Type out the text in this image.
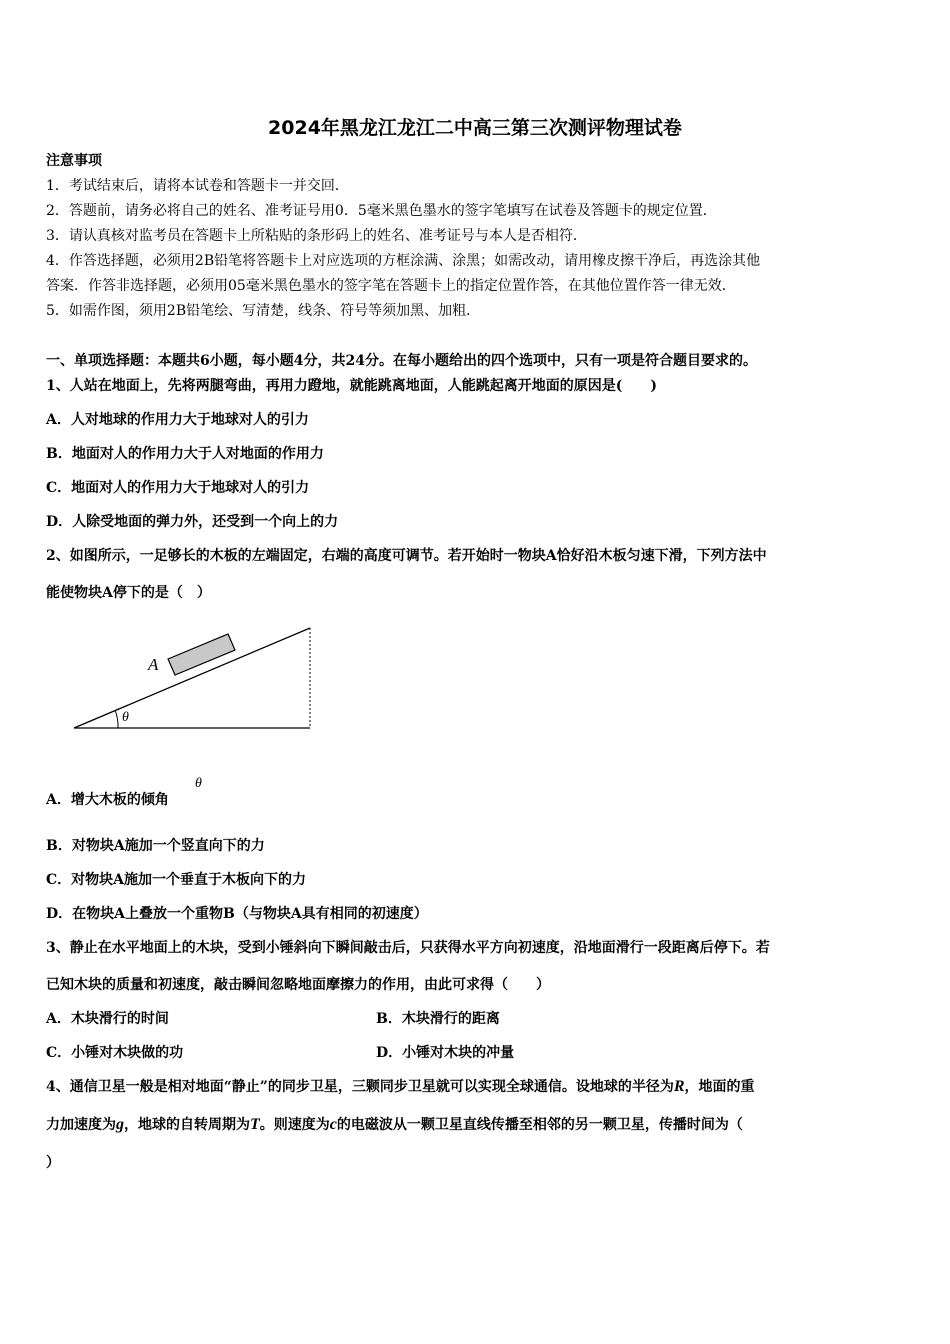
2024年黑龙江龙江二中高三第三次测评物理试卷
注意事项
1．考试结束后，请将本试卷和答题卡一并交回．
2．答题前，请务必将自己的姓名、准考证号用0．5毫米黑色墨水的签字笔填写在试卷及答题卡的规定位置．
3．请认真核对监考员在答题卡上所粘贴的条形码上的姓名、准考证号与本人是否相符．
4．作答选择题，必须用2B铅笔将答题卡上对应选项的方框涂满、涂黑；如需改动，请用橡皮擦干净后，再选涂其他
答案．作答非选择题，必须用05毫米黑色墨水的签字笔在答题卡上的指定位置作答，在其他位置作答一律无效．
5．如需作图，须用2B铅笔绘、写清楚，线条、符号等须加黑、加粗．
一、单项选择题：本题共6小题，每小题4分，共24分。在每小题给出的四个选项中，只有一项是符合题目要求的。
1、人站在地面上，先将两腿弯曲，再用力蹬地，就能跳离地面，人能跳起离开地面的原因是(　　)
A．人对地球的作用力大于地球对人的引力
B．地面对人的作用力大于人对地面的作用力
C．地面对人的作用力大于地球对人的引力
D．人除受地面的弹力外，还受到一个向上的力
2、如图所示，一足够长的木板的左端固定，右端的高度可调节。若开始时一物块A恰好沿木板匀速下滑，下列方法中
能使物块A停下的是（　）
A
θ
A．增大木板的倾角
θ
B．对物块A施加一个竖直向下的力
C．对物块A施加一个垂直于木板向下的力
D．在物块A上叠放一个重物B（与物块A具有相同的初速度）
3、静止在水平地面上的木块，受到小锤斜向下瞬间敲击后，只获得水平方向初速度，沿地面滑行一段距离后停下。若
已知木块的质量和初速度，敲击瞬间忽略地面摩擦力的作用，由此可求得（　　）
A．木块滑行的时间	B．木块滑行的距离
C．小锤对木块做的功	D．小锤对木块的冲量
4、通信卫星一般是相对地面“静止”的同步卫星，三颗同步卫星就可以实现全球通信。设地球的半径为R，地面的重
力加速度为g，地球的自转周期为T。则速度为c的电磁波从一颗卫星直线传播至相邻的另一颗卫星，传播时间为（
）
